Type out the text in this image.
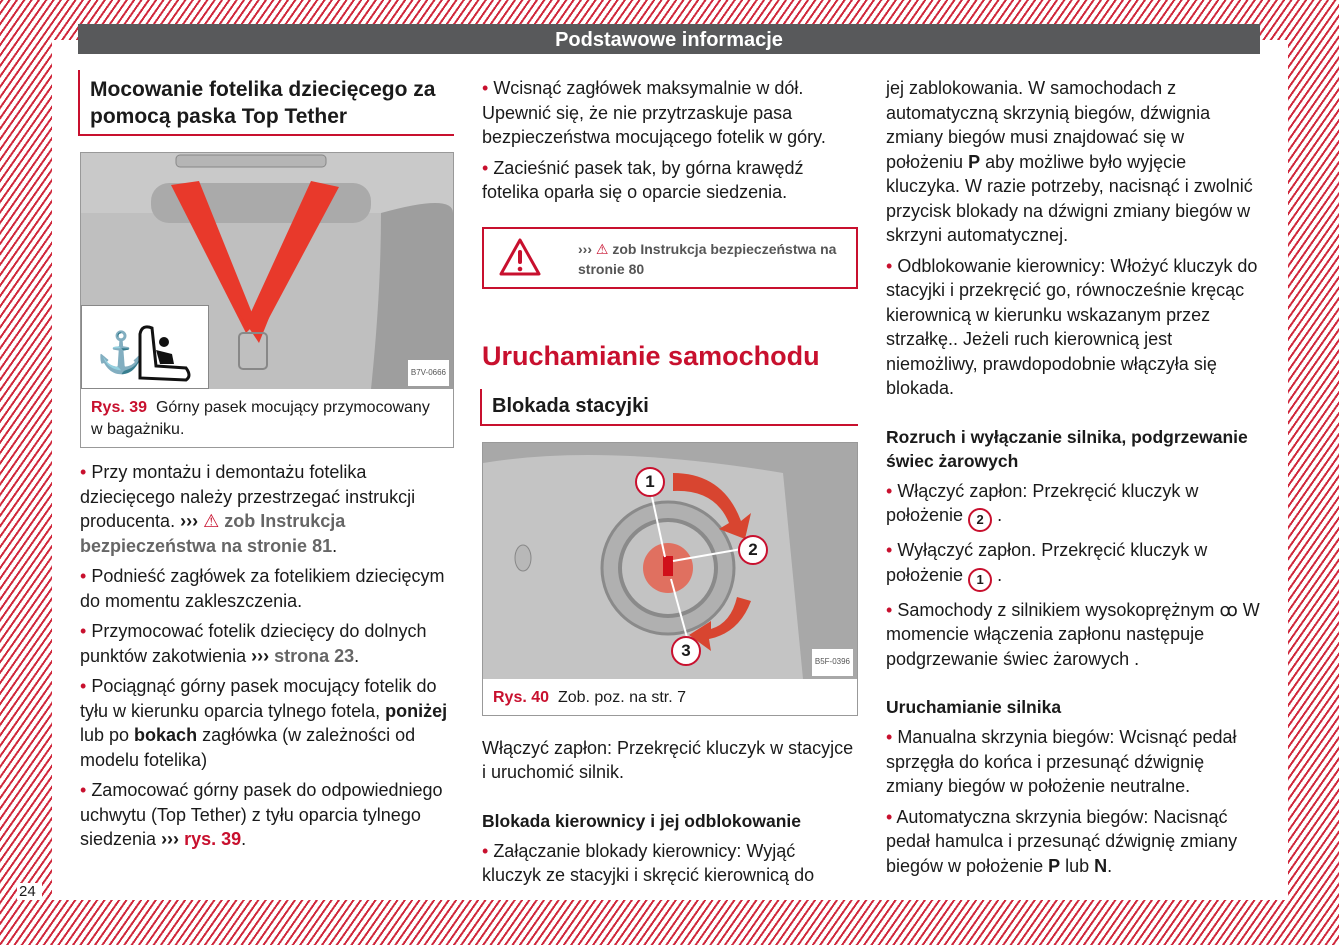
Podstawowe informacje
Mocowanie fotelika dziecięcego za pomocą paska Top Tether
⚓	B7V-0666
Rys. 39 Górny pasek mocujący przymocowany w bagażniku.

• Przy montażu i demontażu fotelika dziecięcego należy przestrzegać instrukcji producenta. ››› ⚠ zob Instrukcja bezpieczeństwa na stronie 81.

• Podnieść zagłówek za fotelikiem dziecięcym do momentu zakleszczenia.

• Przymocować fotelik dziecięcy do dolnych punktów zakotwienia ››› strona 23.

• Pociągnąć górny pasek mocujący fotelik do tyłu w kierunku oparcia tylnego fotela, poniżej lub po bokach zagłówka (w zależności od modelu fotelika)

• Zamocować górny pasek do odpowiedniego uchwytu (Top Tether) z tyłu oparcia tylnego siedzenia ››› rys. 39.

• Wcisnąć zagłówek maksymalnie w dół. Upewnić się, że nie przytrzaskuje pasa bezpieczeństwa mocującego fotelik w góry.

• Zacieśnić pasek tak, by górna krawędź fotelika oparła się o oparcie siedzenia.

››› ⚠ zob Instrukcja bezpieczeństwa na stronie 80
Uruchamianie samochodu
Blokada stacyjki
1
2
3
B5F-0396
Rys. 40 Zob. poz. na str. 7

Włączyć zapłon: Przekręcić kluczyk w stacyjce i uruchomić silnik.

Blokada kierownicy i jej odblokowanie

• Załączanie blokady kierownicy: Wyjąć kluczyk ze stacyjki i skręcić kierownicą do

jej zablokowania. W samochodach z automatyczną skrzynią biegów, dźwignia zmiany biegów musi znajdować się w położeniu P aby możliwe było wyjęcie kluczyka. W razie potrzeby, nacisnąć i zwolnić przycisk blokady na dźwigni zmiany biegów w skrzyni automatycznej.

• Odblokowanie kierownicy: Włożyć kluczyk do stacyjki i przekręcić go, równocześnie kręcąc kierownicą w kierunku wskazanym przez strzałkę.. Jeżeli ruch kierownicą jest niemożliwy, prawdopodobnie włączyła się blokada.

Rozruch i wyłączanie silnika, podgrzewanie świec żarowych

• Włączyć zapłon: Przekręcić kluczyk w położenie 2 .

• Wyłączyć zapłon. Przekręcić kluczyk w położenie 1 .

• Samochody z silnikiem wysokoprężnym ꝏ W momencie włączenia zapłonu następuje podgrzewanie świec żarowych .

Uruchamianie silnika

• Manualna skrzynia biegów: Wcisnąć pedał sprzęgła do końca i przesunąć dźwignię zmiany biegów w położenie neutralne.

• Automatyczna skrzynia biegów: Nacisnąć pedał hamulca i przesunąć dźwignię zmiany biegów w położenie P lub N.

24
